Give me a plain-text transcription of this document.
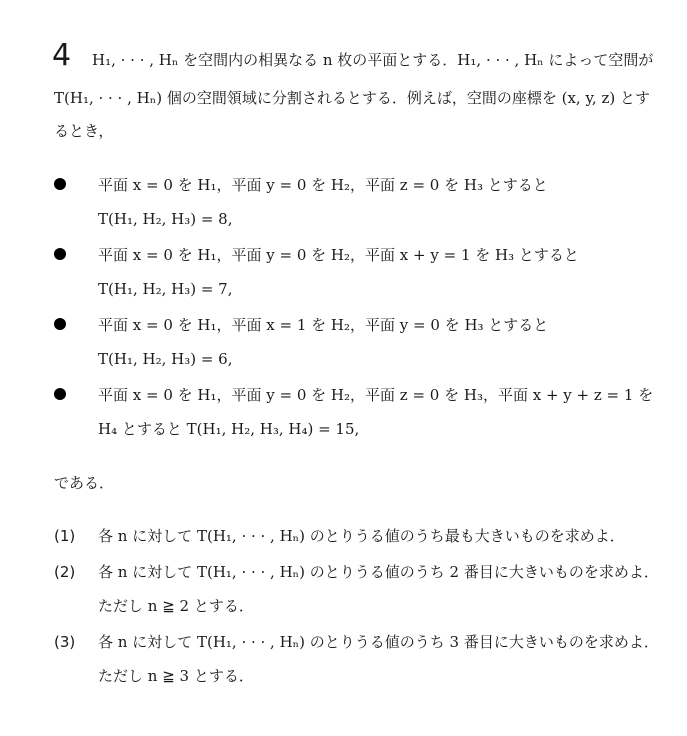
4 H₁, · · · , Hₙ を空間内の相異なる n 枚の平面とする．H₁, · · · , Hₙ によって空間が
T(H₁, · · · , Hₙ) 個の空間領域に分割されるとする．例えば，空間の座標を (x, y, z) とす
るとき，
平面 x = 0 を H₁，平面 y = 0 を H₂，平面 z = 0 を H₃ とすると
T(H₁, H₂, H₃) = 8,
平面 x = 0 を H₁，平面 y = 0 を H₂，平面 x + y = 1 を H₃ とすると
T(H₁, H₂, H₃) = 7,
平面 x = 0 を H₁，平面 x = 1 を H₂，平面 y = 0 を H₃ とすると
T(H₁, H₂, H₃) = 6,
平面 x = 0 を H₁，平面 y = 0 を H₂，平面 z = 0 を H₃，平面 x + y + z = 1 を
H₄ とすると T(H₁, H₂, H₃, H₄) = 15,
である．
(1) 各 n に対して T(H₁, · · · , Hₙ) のとりうる値のうち最も大きいものを求めよ．
(2) 各 n に対して T(H₁, · · · , Hₙ) のとりうる値のうち 2 番目に大きいものを求めよ．
ただし n ≧ 2 とする．
(3) 各 n に対して T(H₁, · · · , Hₙ) のとりうる値のうち 3 番目に大きいものを求めよ．
ただし n ≧ 3 とする．
